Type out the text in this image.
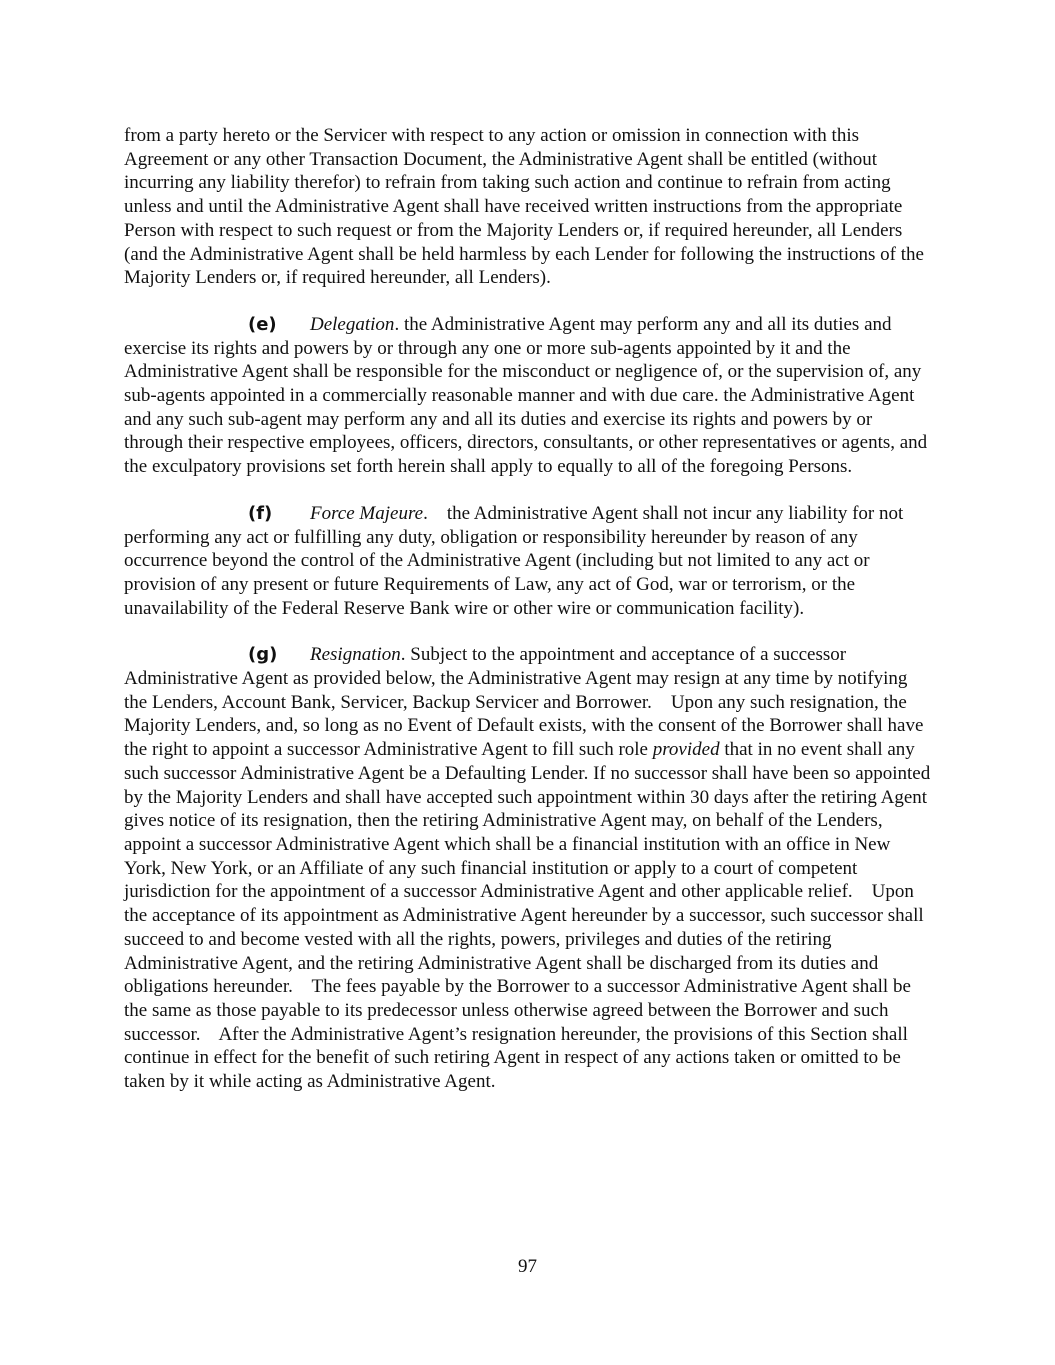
from a party hereto or the Servicer with respect to any action or omission in connection with this Agreement or any other Transaction Document, the Administrative Agent shall be entitled (without incurring any liability therefor) to refrain from taking such action and continue to refrain from acting unless and until the Administrative Agent shall have received written instructions from the appropriate Person with respect to such request or from the Majority Lenders or, if required hereunder, all Lenders (and the Administrative Agent shall be held harmless by each Lender for following the instructions of the Majority Lenders or, if required hereunder, all Lenders).

(e) Delegation. the Administrative Agent may perform any and all its duties and exercise its rights and powers by or through any one or more sub-agents appointed by it and the Administrative Agent shall be responsible for the misconduct or negligence of, or the supervision of, any sub-agents appointed in a commercially reasonable manner and with due care. the Administrative Agent and any such sub-agent may perform any and all its duties and exercise its rights and powers by or through their respective employees, officers, directors, consultants, or other representatives or agents, and the exculpatory provisions set forth herein shall apply to equally to all of the foregoing Persons.

(f) Force Majeure.    the Administrative Agent shall not incur any liability for not performing any act or fulfilling any duty, obligation or responsibility hereunder by reason of any occurrence beyond the control of the Administrative Agent (including but not limited to any act or provision of any present or future Requirements of Law, any act of God, war or terrorism, or the unavailability of the Federal Reserve Bank wire or other wire or communication facility).

(g) Resignation. Subject to the appointment and acceptance of a successor Administrative Agent as provided below, the Administrative Agent may resign at any time by notifying the Lenders, Account Bank, Servicer, Backup Servicer and Borrower.    Upon any such resignation, the Majority Lenders, and, so long as no Event of Default exists, with the consent of the Borrower shall have the right to appoint a successor Administrative Agent to fill such role provided that in no event shall any such successor Administrative Agent be a Defaulting Lender. If no successor shall have been so appointed by the Majority Lenders and shall have accepted such appointment within 30 days after the retiring Agent gives notice of its resignation, then the retiring Administrative Agent may, on behalf of the Lenders, appoint a successor Administrative Agent which shall be a financial institution with an office in New York, New York, or an Affiliate of any such financial institution or apply to a court of competent jurisdiction for the appointment of a successor Administrative Agent and other applicable relief.    Upon the acceptance of its appointment as Administrative Agent hereunder by a successor, such successor shall succeed to and become vested with all the rights, powers, privileges and duties of the retiring Administrative Agent, and the retiring Administrative Agent shall be discharged from its duties and obligations hereunder.    The fees payable by the Borrower to a successor Administrative Agent shall be the same as those payable to its predecessor unless otherwise agreed between the Borrower and such successor.    After the Administrative Agent’s resignation hereunder, the provisions of this Section shall continue in effect for the benefit of such retiring Agent in respect of any actions taken or omitted to be taken by it while acting as Administrative Agent.

97
